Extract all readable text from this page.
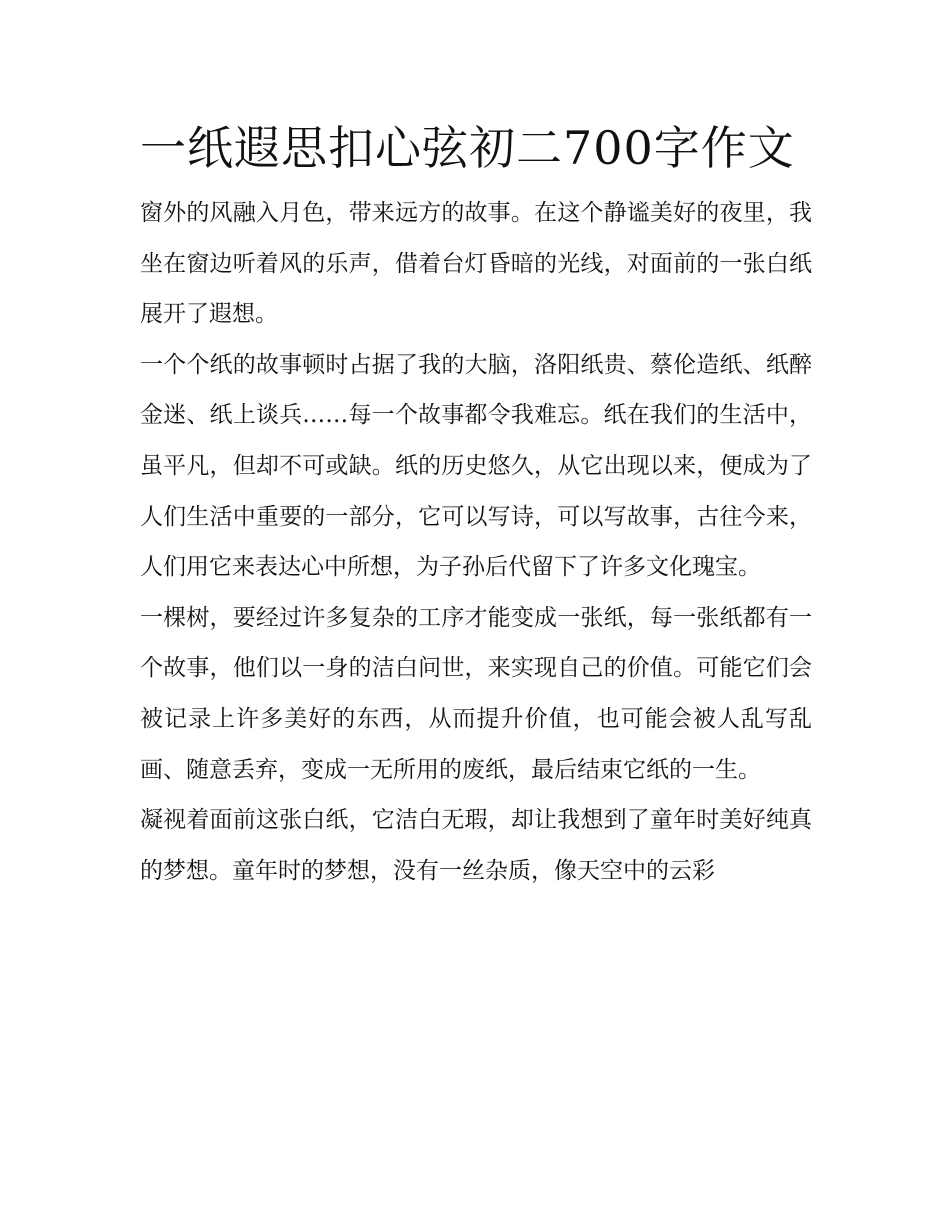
一纸遐思扣心弦初二700字作文

窗外的风融入月色，带来远方的故事。在这个静谧美好的夜里，我坐在窗边听着风的乐声，借着台灯昏暗的光线，对面前的一张白纸展开了遐想。

一个个纸的故事顿时占据了我的大脑，洛阳纸贵、蔡伦造纸、纸醉金迷、纸上谈兵……每一个故事都令我难忘。纸在我们的生活中，虽平凡，但却不可或缺。纸的历史悠久，从它出现以来，便成为了人们生活中重要的一部分，它可以写诗，可以写故事，古往今来，人们用它来表达心中所想，为子孙后代留下了许多文化瑰宝。

一棵树，要经过许多复杂的工序才能变成一张纸，每一张纸都有一个故事，他们以一身的洁白问世，来实现自己的价值。可能它们会被记录上许多美好的东西，从而提升价值，也可能会被人乱写乱画、随意丢弃，变成一无所用的废纸，最后结束它纸的一生。

凝视着面前这张白纸，它洁白无瑕，却让我想到了童年时美好纯真的梦想。童年时的梦想，没有一丝杂质，像天空中的云彩
